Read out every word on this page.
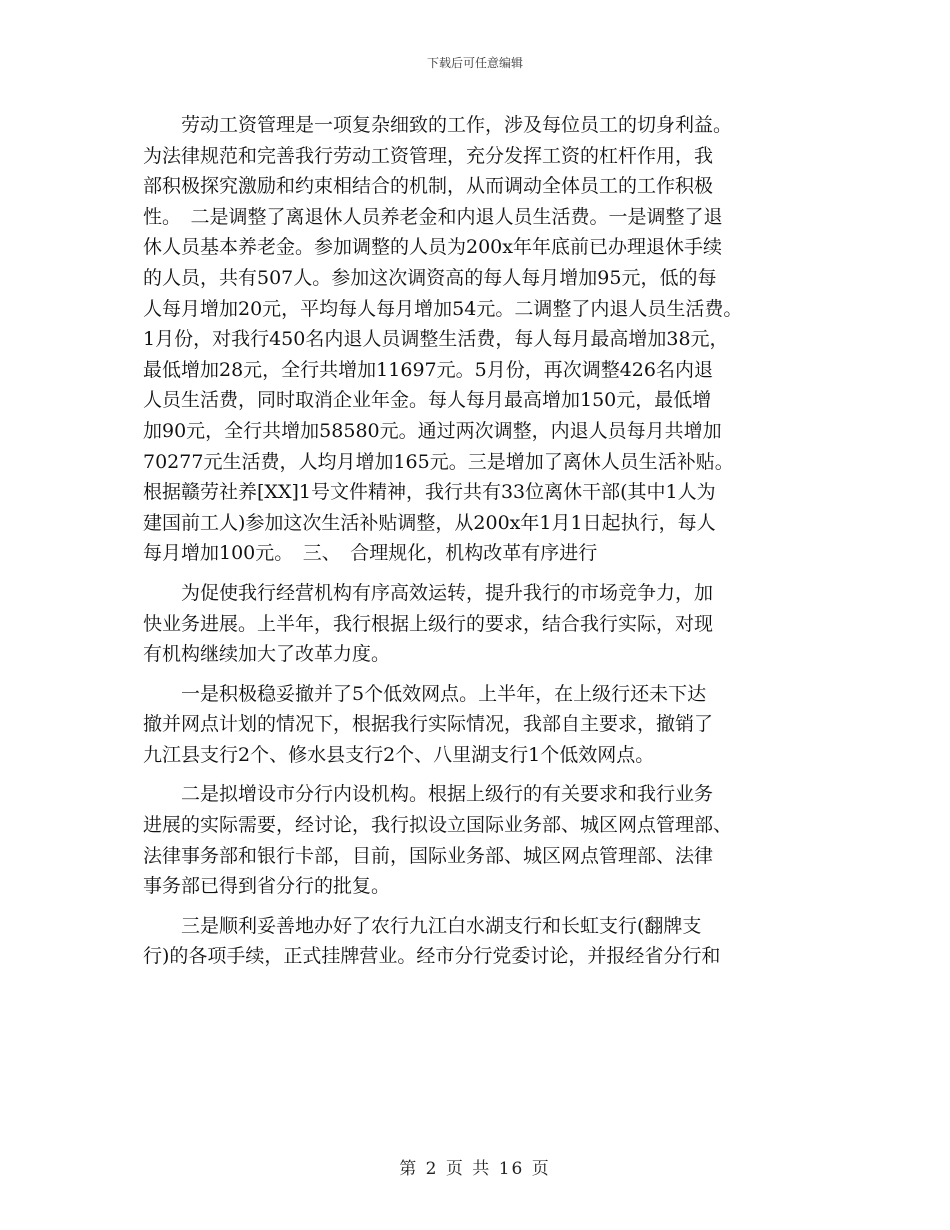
下载后可任意编辑
　　劳动工资管理是一项复杂细致的工作，涉及每位员工的切身利益。
为法律规范和完善我行劳动工资管理，充分发挥工资的杠杆作用，我
部积极探究激励和约束相结合的机制，从而调动全体员工的工作积极
性。　二是调整了离退休人员养老金和内退人员生活费。一是调整了退
休人员基本养老金。参加调整的人员为200x年年底前已办理退休手续
的人员，共有507人。参加这次调资高的每人每月增加95元，低的每
人每月增加20元，平均每人每月增加54元。二调整了内退人员生活费。
1月份，对我行450名内退人员调整生活费，每人每月最高增加38元，
最低增加28元，全行共增加11697元。5月份，再次调整426名内退
人员生活费，同时取消企业年金。每人每月最高增加150元，最低增
加90元，全行共增加58580元。通过两次调整，内退人员每月共增加
70277元生活费，人均月增加165元。三是增加了离休人员生活补贴。
根据赣劳社养[XX]1号文件精神，我行共有33位离休干部(其中1人为
建国前工人)参加这次生活补贴调整，从200x年1月1日起执行，每人
每月增加100元。　三、　合理规化，机构改革有序进行
　　为促使我行经营机构有序高效运转，提升我行的市场竞争力，加
快业务进展。上半年，我行根据上级行的要求，结合我行实际，对现
有机构继续加大了改革力度。
　　一是积极稳妥撤并了5个低效网点。上半年，在上级行还未下达
撤并网点计划的情况下，根据我行实际情况，我部自主要求，撤销了
九江县支行2个、修水县支行2个、八里湖支行1个低效网点。
　　二是拟增设市分行内设机构。根据上级行的有关要求和我行业务
进展的实际需要，经讨论，我行拟设立国际业务部、城区网点管理部、
法律事务部和银行卡部，目前，国际业务部、城区网点管理部、法律
事务部已得到省分行的批复。
　　三是顺利妥善地办好了农行九江白水湖支行和长虹支行(翻牌支
行)的各项手续，正式挂牌营业。经市分行党委讨论，并报经省分行和
第 2 页 共 16 页
